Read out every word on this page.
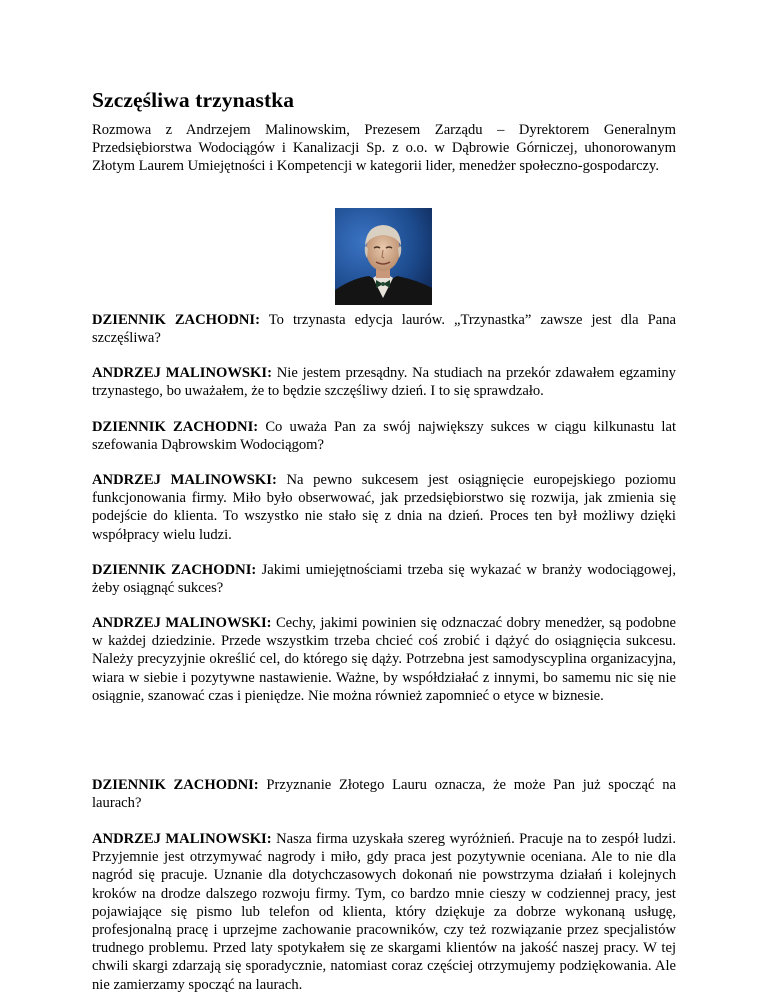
Szczęśliwa trzynastka

Rozmowa z Andrzejem Malinowskim, Prezesem Zarządu – Dyrektorem Generalnym Przedsiębiorstwa Wodociągów i Kanalizacji Sp. z o.o. w Dąbrowie Górniczej, uhonorowanym Złotym Laurem Umiejętności i Kompetencji w kategorii lider, menedżer społeczno-gospodarczy.

DZIENNIK ZACHODNI: To trzynasta edycja laurów. „Trzynastka” zawsze jest dla Pana szczęśliwa?

ANDRZEJ MALINOWSKI: Nie jestem przesądny. Na studiach na przekór zdawałem egzaminy trzynastego, bo uważałem, że to będzie szczęśliwy dzień. I to się sprawdzało.

DZIENNIK ZACHODNI: Co uważa Pan za swój największy sukces w ciągu kilkunastu lat szefowania Dąbrowskim Wodociągom?

ANDRZEJ MALINOWSKI: Na pewno sukcesem jest osiągnięcie europejskiego poziomu funkcjonowania firmy. Miło było obserwować, jak przedsiębiorstwo się rozwija, jak zmienia się podejście do klienta. To wszystko nie stało się z dnia na dzień. Proces ten był możliwy dzięki współpracy wielu ludzi.

DZIENNIK ZACHODNI: Jakimi umiejętnościami trzeba się wykazać w branży wodociągowej, żeby osiągnąć sukces?

ANDRZEJ MALINOWSKI: Cechy, jakimi powinien się odznaczać dobry menedżer, są podobne w każdej dziedzinie. Przede wszystkim trzeba chcieć coś zrobić i dążyć do osiągnięcia sukcesu. Należy precyzyjnie określić cel, do którego się dąży. Potrzebna jest samodyscyplina organizacyjna, wiara w siebie i pozytywne nastawienie. Ważne, by współdziałać z innymi, bo samemu nic się nie osiągnie, szanować czas i pieniędze. Nie można również zapomnieć o etyce w biznesie.

DZIENNIK ZACHODNI: Przyznanie Złotego Lauru oznacza, że może Pan już spocząć na laurach?

ANDRZEJ MALINOWSKI: Nasza firma uzyskała szereg wyróżnień. Pracuje na to zespół ludzi. Przyjemnie jest otrzymywać nagrody i miło, gdy praca jest pozytywnie oceniana. Ale to nie dla nagród się pracuje. Uznanie dla dotychczasowych dokonań nie powstrzyma działań i kolejnych kroków na drodze dalszego rozwoju firmy. Tym, co bardzo mnie cieszy w codziennej pracy, jest pojawiające się pismo lub telefon od klienta, który dziękuje za dobrze wykonaną usługę, profesjonalną pracę i uprzejme zachowanie pracowników, czy też rozwiązanie przez specjalistów trudnego problemu. Przed laty spotykałem się ze skargami klientów na jakość naszej pracy. W tej chwili skargi zdarzają się sporadycznie, natomiast coraz częściej otrzymujemy podziękowania. Ale nie zamierzamy spocząć na laurach.
